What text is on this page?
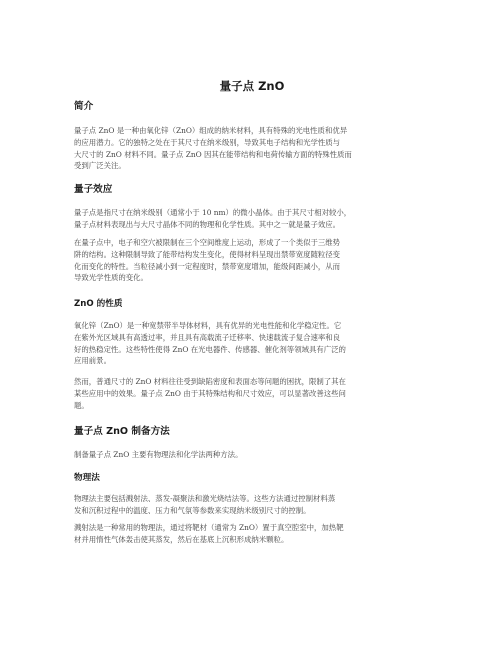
量子点 ZnO
简介
量子点 ZnO 是一种由氧化锌（ZnO）组成的纳米材料，具有特殊的光电性质和优异
的应用潜力。它的独特之处在于其尺寸在纳米级别，导致其电子结构和光学性质与
大尺寸的 ZnO 材料不同。量子点 ZnO 因其在能带结构和电荷传输方面的特殊性质而
受到广泛关注。
量子效应
量子点是指尺寸在纳米级别（通常小于 10 nm）的微小晶体。由于其尺寸相对较小，
量子点材料表现出与大尺寸晶体不同的物理和化学性质。其中之一就是量子效应。
在量子点中，电子和空穴被限制在三个空间维度上运动，形成了一个类似于三维势
阱的结构。这种限制导致了能带结构发生变化，使得材料呈现出禁带宽度随粒径变
化而变化的特性。当粒径减小到一定程度时，禁带宽度增加，能级间距减小，从而
导致光学性质的变化。
ZnO 的性质
氧化锌（ZnO）是一种宽禁带半导体材料，具有优异的光电性能和化学稳定性。它
在紫外光区域具有高透过率，并且具有高载流子迁移率、快速载流子复合速率和良
好的热稳定性。这些特性使得 ZnO 在光电器件、传感器、催化剂等领域具有广泛的
应用前景。
然而，普通尺寸的 ZnO 材料往往受到缺陷密度和表面态等问题的困扰，限制了其在
某些应用中的效果。量子点 ZnO 由于其特殊结构和尺寸效应，可以显著改善这些问
题。
量子点 ZnO 制备方法
制备量子点 ZnO 主要有物理法和化学法两种方法。
物理法
物理法主要包括溅射法、蒸发-凝聚法和激光烧结法等。这些方法通过控制材料蒸
发和沉积过程中的温度、压力和气氛等参数来实现纳米级别尺寸的控制。
溅射法是一种常用的物理法，通过将靶材（通常为 ZnO）置于真空腔室中，加热靶
材并用惰性气体轰击使其蒸发，然后在基底上沉积形成纳米颗粒。
